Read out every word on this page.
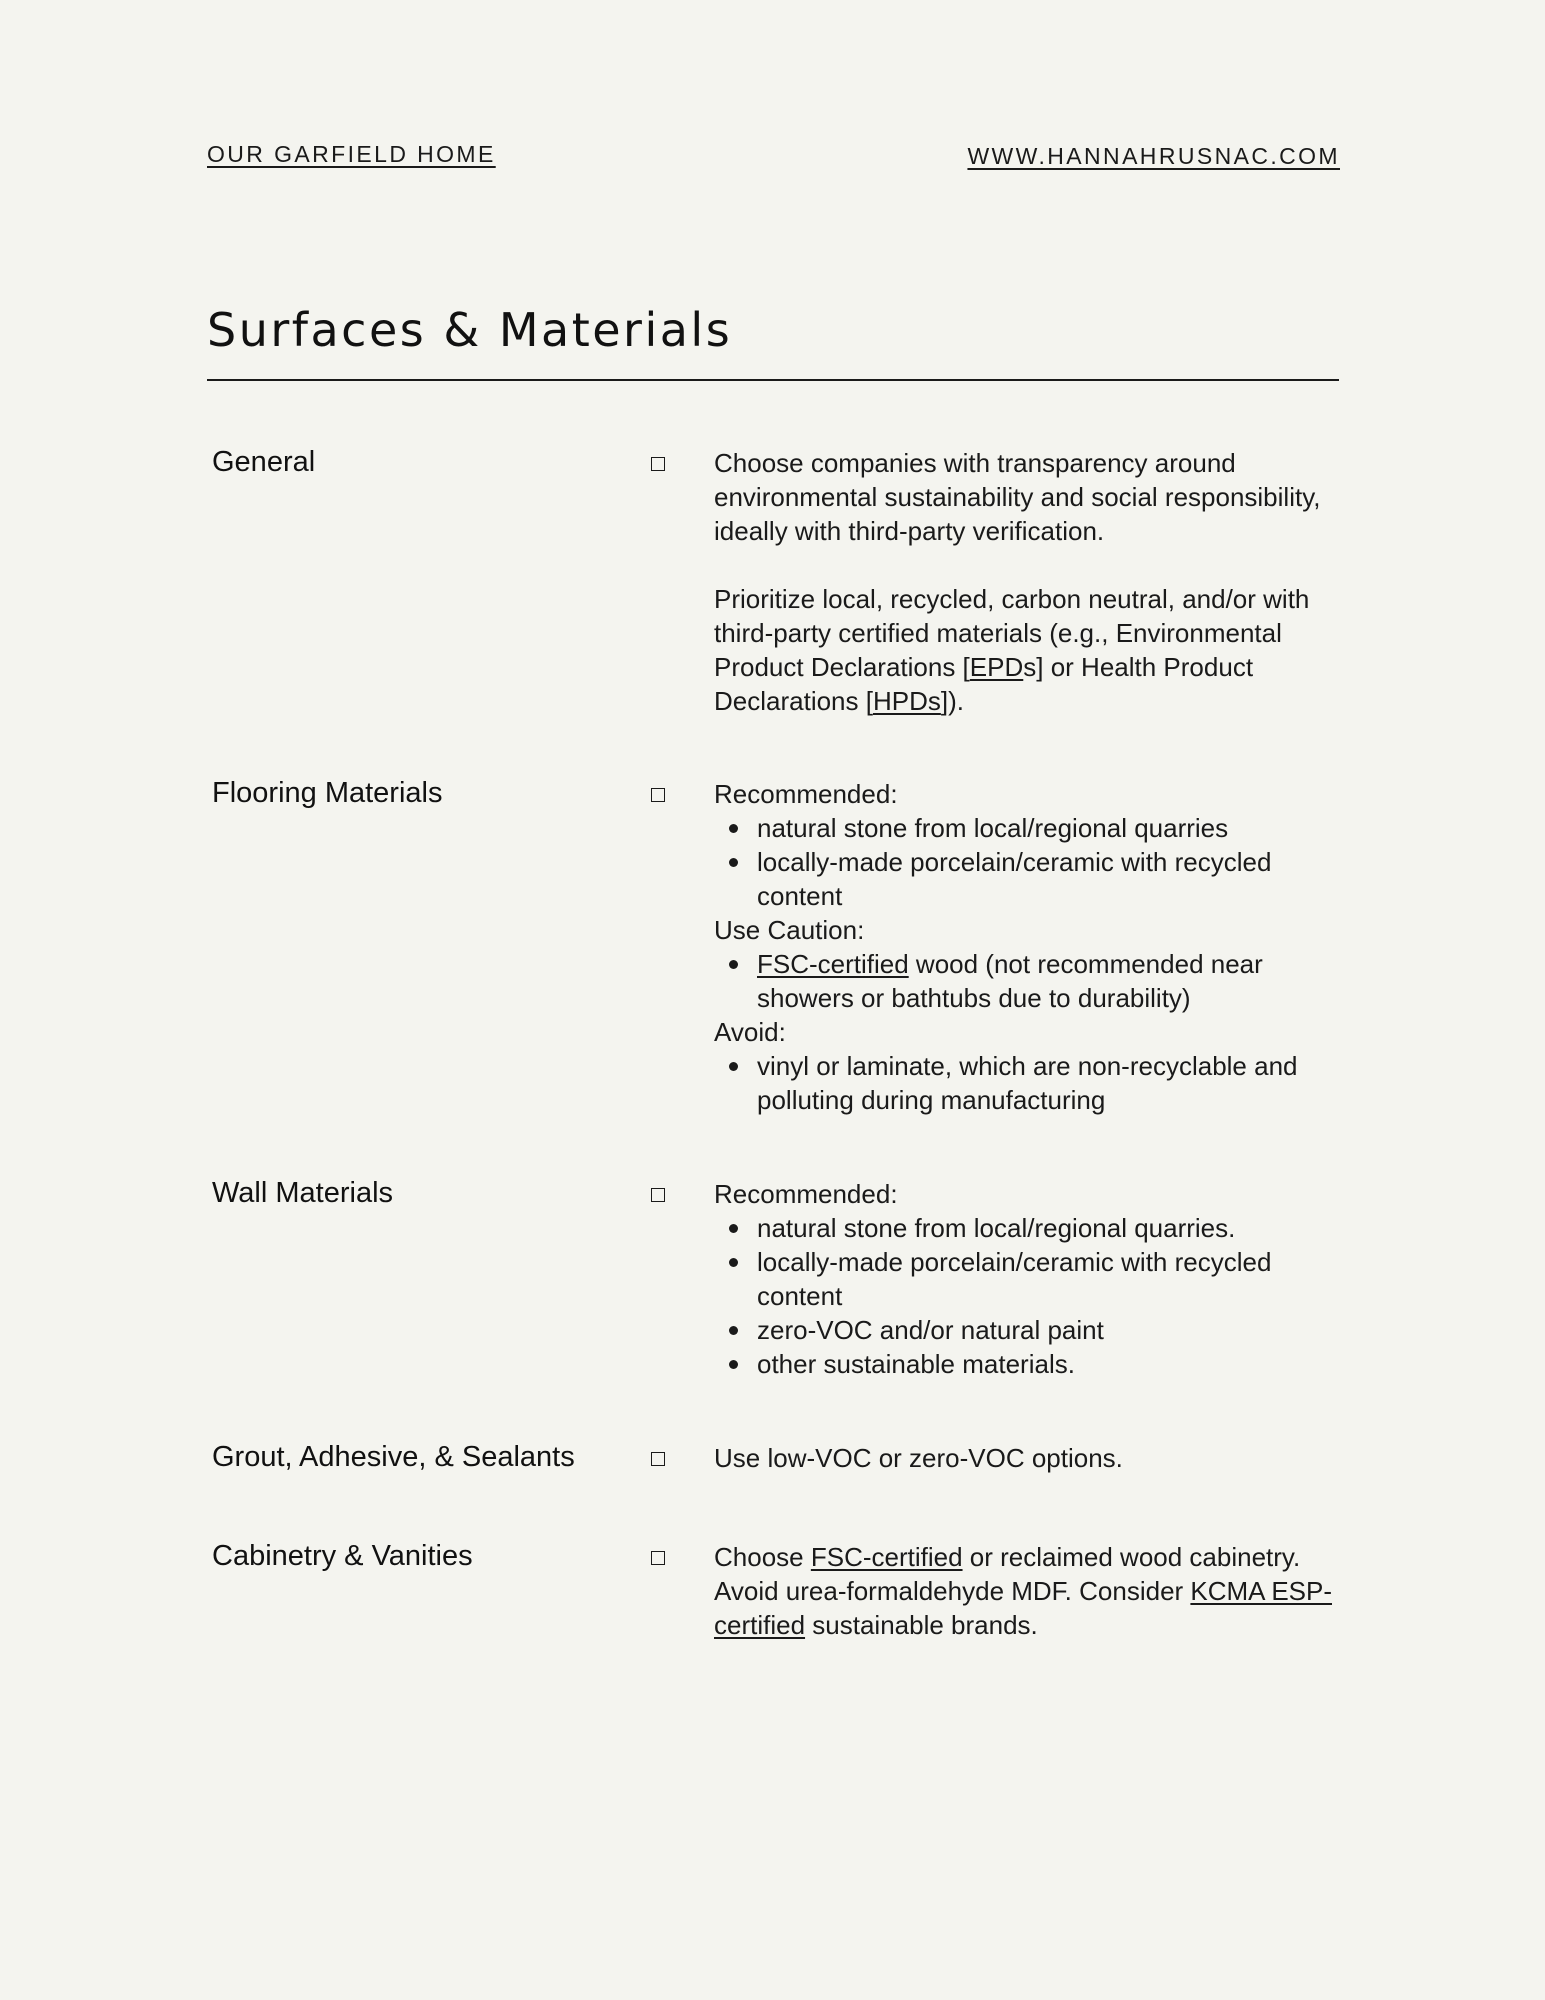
OUR GARFIELD HOME	WWW.HANNAHRUSNAC.COM
Surfaces & Materials
General	Choose companies with transparency around environmental sustainability and social responsibility, ideally with third-party verification.

Prioritize local, recycled, carbon neutral, and/or with third-party certified materials (e.g., Environmental Product Declarations [EPDs] or Health Product Declarations [HPDs]).

Flooring Materials	Recommended:
natural stone from local/regional quarries
locally-made porcelain/ceramic with recycled content
Use Caution:
FSC-certified wood (not recommended near showers or bathtubs due to durability)
Avoid:
vinyl or laminate, which are non-recyclable and polluting during manufacturing
Wall Materials	Recommended:
natural stone from local/regional quarries.
locally-made porcelain/ceramic with recycled content
zero-VOC and/or natural paint
other sustainable materials.
Grout, Adhesive, & Sealants	Use low-VOC or zero-VOC options.

Cabinetry & Vanities	Choose FSC-certified or reclaimed wood cabinetry. Avoid urea-formaldehyde MDF. Consider KCMA ESP-certified sustainable brands.
